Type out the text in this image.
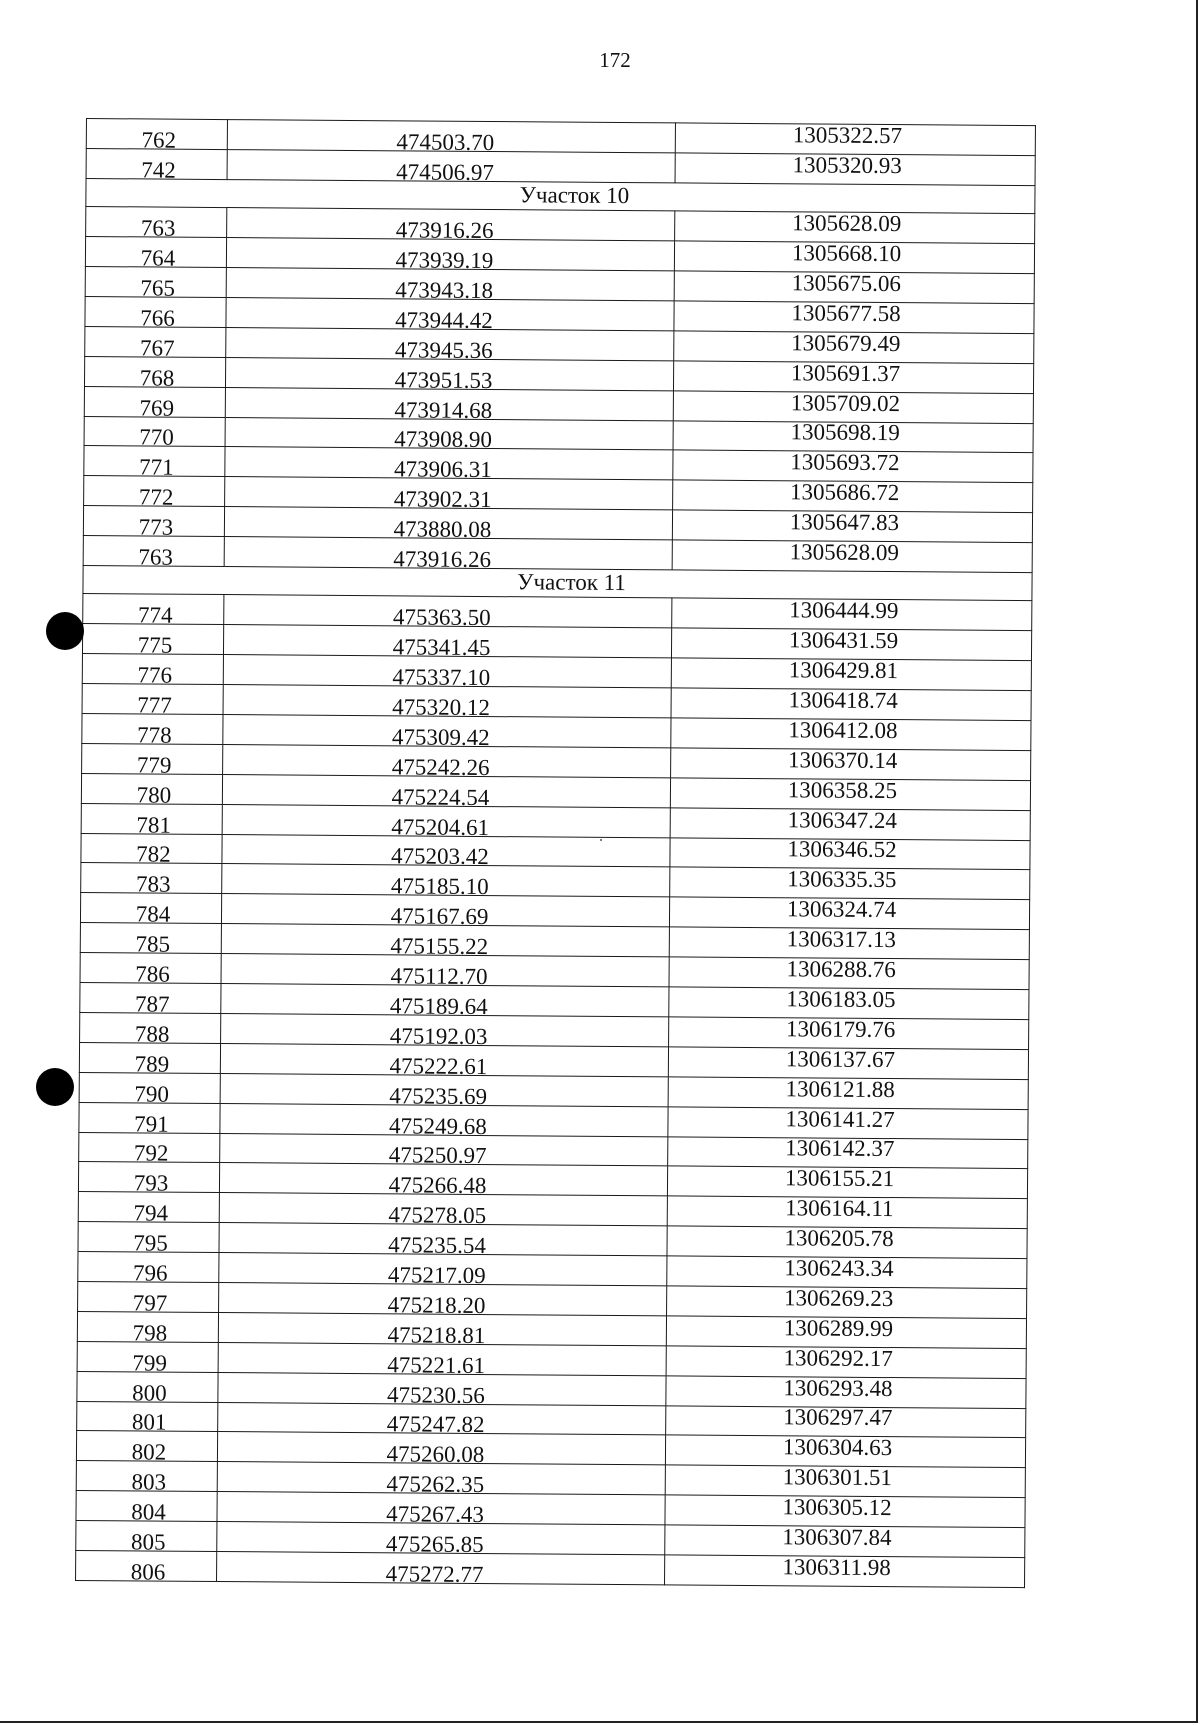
172
762	474503.70	1305322.57
742	474506.97	1305320.93
Участок 10		
763	473916.26	1305628.09
764	473939.19	1305668.10
765	473943.18	1305675.06
766	473944.42	1305677.58
767	473945.36	1305679.49
768	473951.53	1305691.37
769	473914.68	1305709.02
770	473908.90	1305698.19
771	473906.31	1305693.72
772	473902.31	1305686.72
773	473880.08	1305647.83
763	473916.26	1305628.09
Участок 11		
774	475363.50	1306444.99
775	475341.45	1306431.59
776	475337.10	1306429.81
777	475320.12	1306418.74
778	475309.42	1306412.08
779	475242.26	1306370.14
780	475224.54	1306358.25
781	475204.61	1306347.24
782	475203.42	1306346.52
783	475185.10	1306335.35
784	475167.69	1306324.74
785	475155.22	1306317.13
786	475112.70	1306288.76
787	475189.64	1306183.05
788	475192.03	1306179.76
789	475222.61	1306137.67
790	475235.69	1306121.88
791	475249.68	1306141.27
792	475250.97	1306142.37
793	475266.48	1306155.21
794	475278.05	1306164.11
795	475235.54	1306205.78
796	475217.09	1306243.34
797	475218.20	1306269.23
798	475218.81	1306289.99
799	475221.61	1306292.17
800	475230.56	1306293.48
801	475247.82	1306297.47
802	475260.08	1306304.63
803	475262.35	1306301.51
804	475267.43	1306305.12
805	475265.85	1306307.84
806	475272.77	1306311.98
